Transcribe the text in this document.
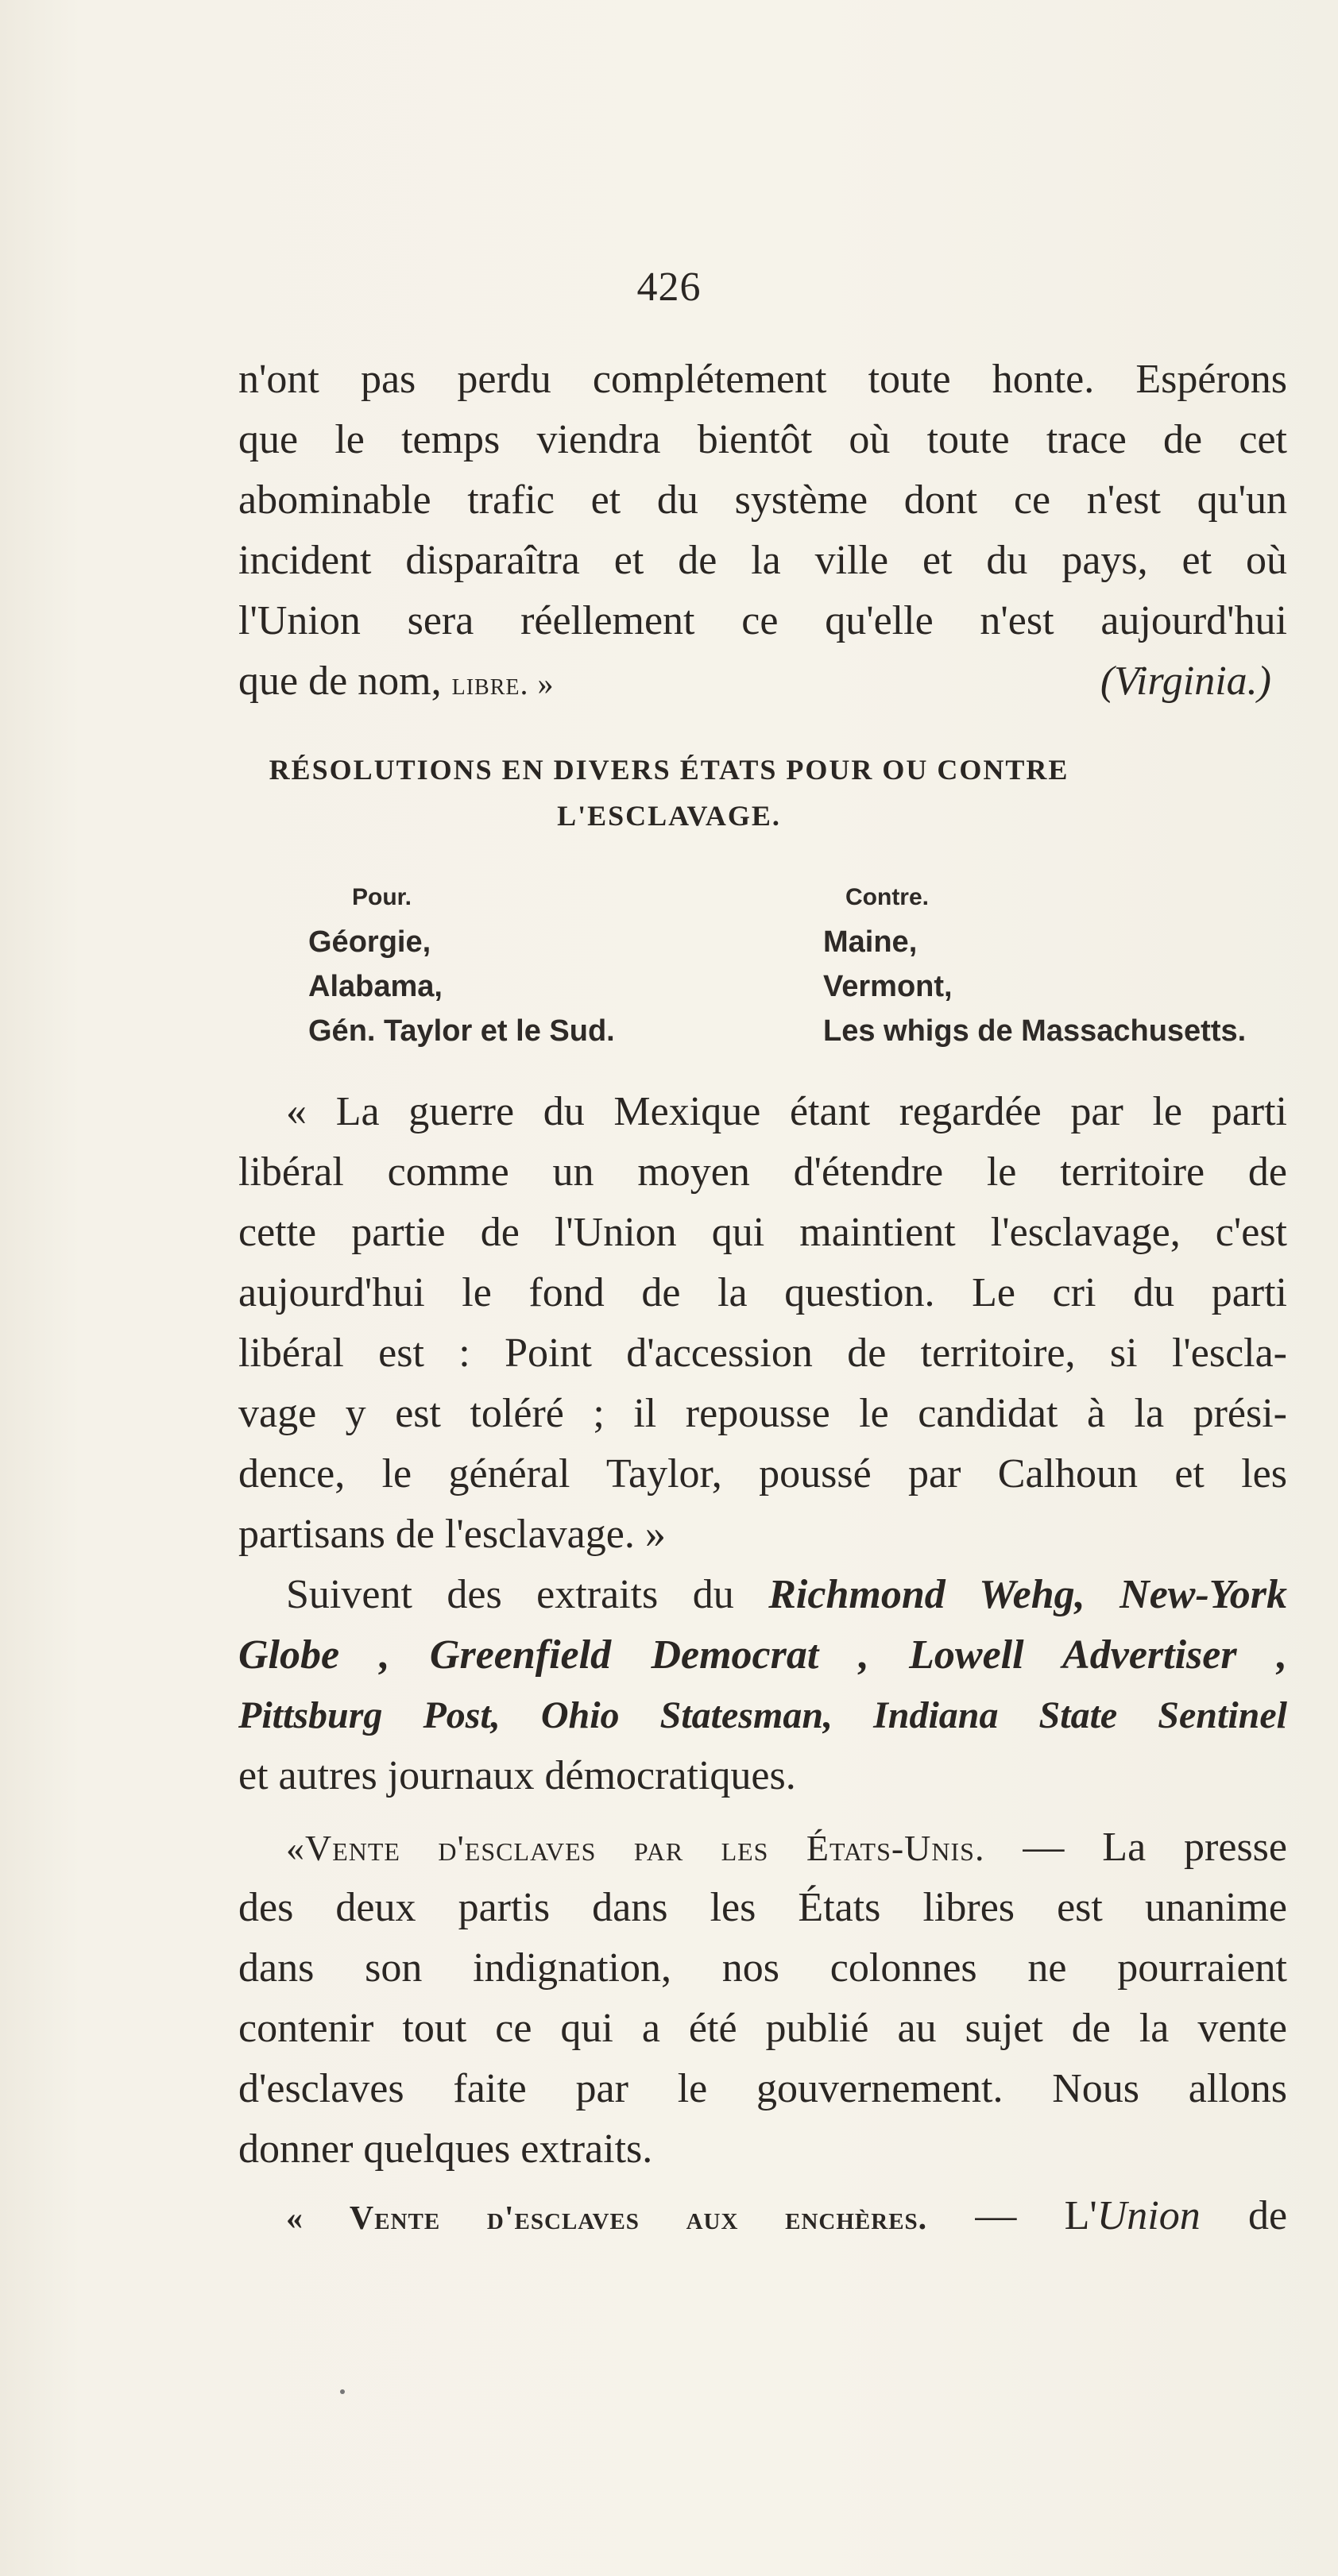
426
n'ont pas perdu complétement toute honte. Espérons
que le temps viendra bientôt où toute trace de cet
abominable trafic et du système dont ce n'est qu'un
incident disparaîtra et de la ville et du pays, et où
l'Union sera réellement ce qu'elle n'est aujourd'hui
que de nom, libre. »	(Virginia.)
RÉSOLUTIONS EN DIVERS ÉTATS POUR OU CONTRE
L'ESCLAVAGE.
Pour.
Géorgie,
Alabama,
Gén. Taylor et le Sud.
Contre.
Maine,
Vermont,
Les whigs de Massachusetts.
« La guerre du Mexique étant regardée par le parti
libéral comme un moyen d'étendre le territoire de
cette partie de l'Union qui maintient l'esclavage, c'est
aujourd'hui le fond de la question. Le cri du parti
libéral est : Point d'accession de territoire, si l'escla-
vage y est toléré ; il repousse le candidat à la prési-
dence, le général Taylor, poussé par Calhoun et les
partisans de l'esclavage. »
Suivent des extraits du Richmond Wehg, New-York
Globe , Greenfield Democrat , Lowell Advertiser ,
Pittsburg Post, Ohio Statesman, Indiana State Sentinel
et autres journaux démocratiques.
«Vente d'esclaves par les États-Unis. — La presse
des deux partis dans les États libres est unanime
dans son indignation, nos colonnes ne pourraient
contenir tout ce qui a été publié au sujet de la vente
d'esclaves faite par le gouvernement. Nous allons
donner quelques extraits.
« Vente d'esclaves aux enchères. — L'Union de
